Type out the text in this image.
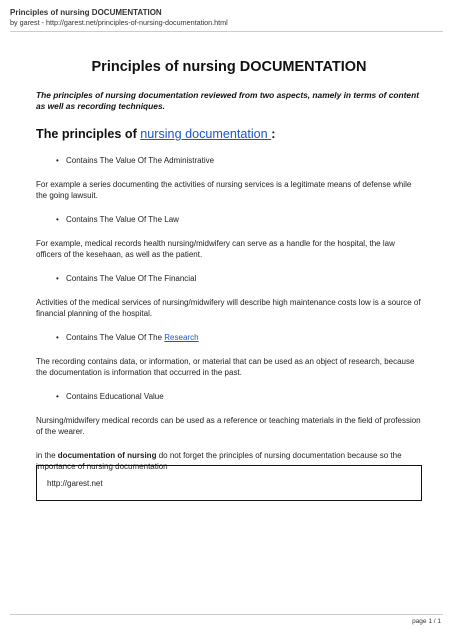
Principles of nursing DOCUMENTATION
by garest - http://garest.net/principles-of-nursing-documentation.html
Principles of nursing DOCUMENTATION

The principles of nursing documentation reviewed from two aspects, namely in terms of content as well as recording techniques.

The principles of nursing documentation :
• Contains The Value Of The Administrative

For example a series documenting the activities of nursing services is a legitimate means of defense while the going lawsuit.

• Contains The Value Of The Law

For example, medical records health nursing/midwifery can serve as a handle for the hospital, the law officers of the kesehaan, as well as the patient.

• Contains The Value Of The Financial

Activities of the medical services of nursing/midwifery will describe high maintenance costs low is a source of financial planning of the hospital.

• Contains The Value Of The Research

The recording contains data, or information, or material that can be used as an object of research, because the documentation is information that occurred in the past.

• Contains Educational Value

Nursing/midwifery medical records can be used as a reference or teaching materials in the field of profession of the wearer.

in the documentation of nursing do not forget the principles of nursing documentation because so the importance of nursing documentation

http://garest.net
page 1 / 1
